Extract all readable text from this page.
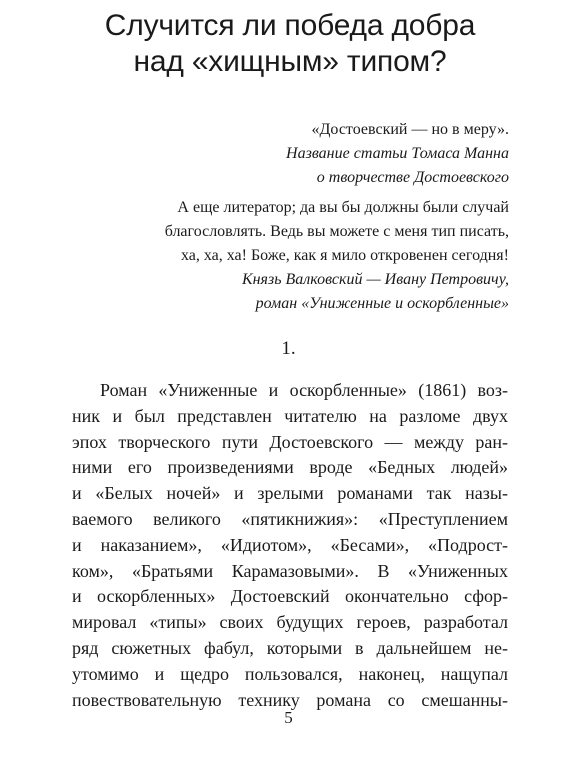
Случится ли победа добра
над «хищным» типом?
«Достоевский — но в меру».
Название статьи Томаса Манна
о творчестве Достоевского
А еще литератор; да вы бы должны были случай
благословлять. Ведь вы можете с меня тип писать,
ха, ха, ха! Боже, как я мило откровенен сегодня!
Князь Валковский — Ивану Петровичу,
роман «Униженные и оскорбленные»
1.
Роман «Униженные и оскорбленные» (1861) воз-
ник и был представлен читателю на разломе двух
эпох творческого пути Достоевского — между ран-
ними его произведениями вроде «Бедных людей»
и «Белых ночей» и зрелыми романами так назы-
ваемого великого «пятикнижия»: «Преступлением
и наказанием», «Идиотом», «Бесами», «Подрост-
ком», «Братьями Карамазовыми». В «Униженных
и оскорбленных» Достоевский окончательно сфор-
мировал «типы» своих будущих героев, разработал
ряд сюжетных фабул, которыми в дальнейшем не-
утомимо и щедро пользовался, наконец, нащупал
повествовательную технику романа со смешанны-
5
